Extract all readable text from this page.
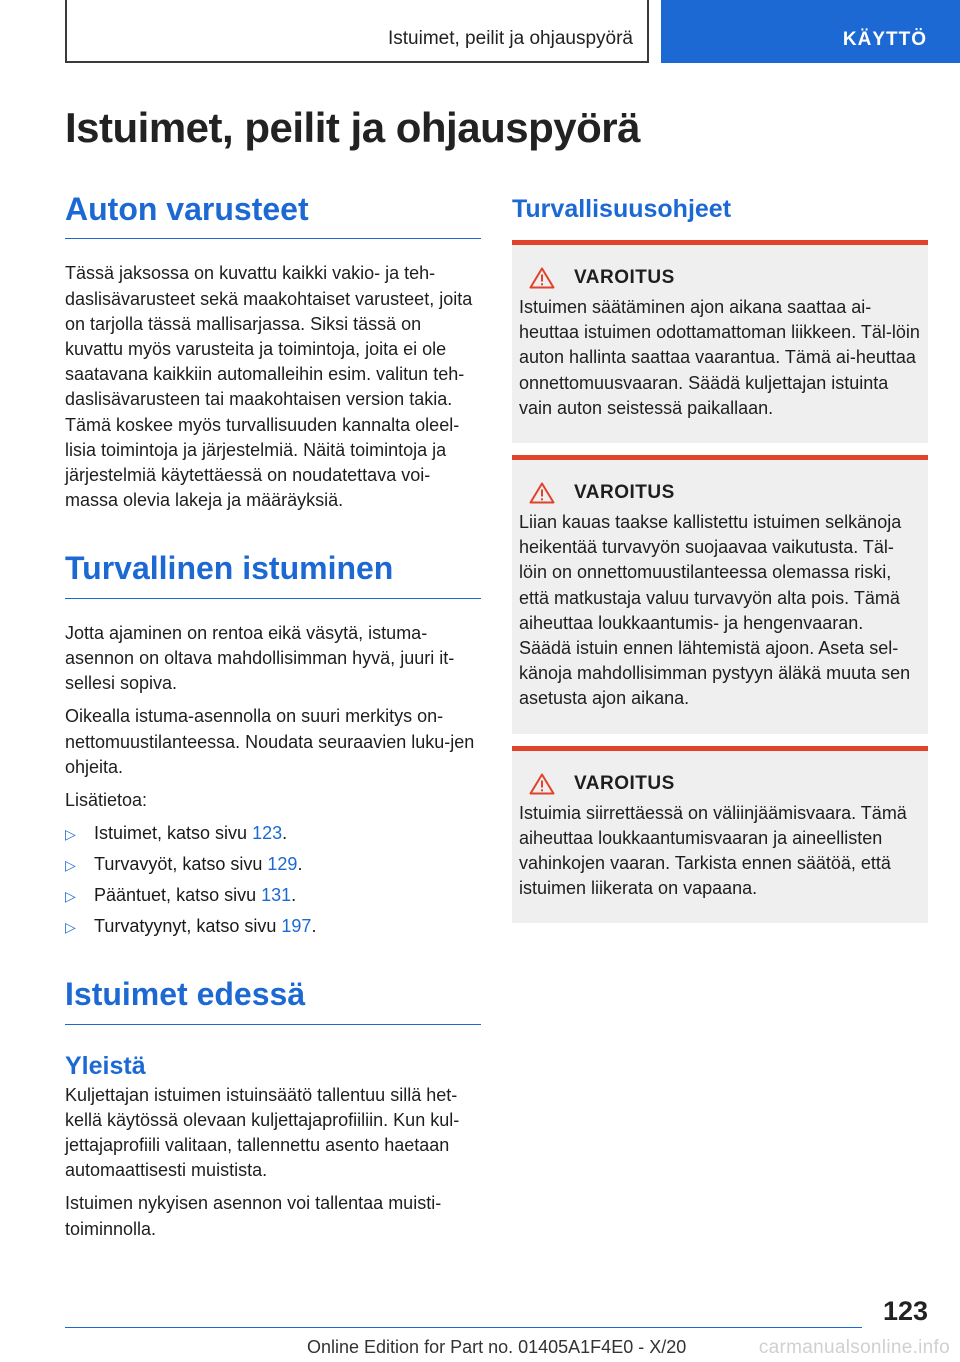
Istuimet, peilit ja ohjauspyörä	KÄYTTÖ
Istuimet, peilit ja ohjauspyörä
Auton varusteet

Tässä jaksossa on kuvattu kaikki vakio- ja teh-daslisävarusteet sekä maakohtaiset varusteet, joita on tarjolla tässä mallisarjassa. Siksi tässä on kuvattu myös varusteita ja toimintoja, joita ei ole saatavana kaikkiin automalleihin esim. valitun teh-daslisävarusteen tai maakohtaisen version takia. Tämä koskee myös turvallisuuden kannalta oleel-lisia toimintoja ja järjestelmiä. Näitä toimintoja ja järjestelmiä käytettäessä on noudatettava voi-massa olevia lakeja ja määräyksiä.

Turvallinen istuminen

Jotta ajaminen on rentoa eikä väsytä, istuma-asennon on oltava mahdollisimman hyvä, juuri it-sellesi sopiva.

Oikealla istuma-asennolla on suuri merkitys on-nettomuustilanteessa. Noudata seuraavien luku-jen ohjeita.

Lisätietoa:

▷ Istuimet, katso sivu 123.
▷ Turvavyöt, katso sivu 129.
▷ Pääntuet, katso sivu 131.
▷ Turvatyynyt, katso sivu 197.
Istuimet edessä
Yleistä

Kuljettajan istuimen istuinsäätö tallentuu sillä het-kellä käytössä olevaan kuljettajaprofiiliin. Kun kul-jettajaprofiili valitaan, tallennettu asento haetaan automaattisesti muistista.

Istuimen nykyisen asennon voi tallentaa muisti-toiminnolla.

Turvallisuusohjeet
VAROITUS

Istuimen säätäminen ajon aikana saattaa ai-heuttaa istuimen odottamattoman liikkeen. Täl-löin auton hallinta saattaa vaarantua. Tämä ai-heuttaa onnettomuusvaaran. Säädä kuljettajan istuinta vain auton seistessä paikallaan.

VAROITUS

Liian kauas taakse kallistettu istuimen selkänoja heikentää turvavyön suojaavaa vaikutusta. Täl-löin on onnettomuustilanteessa olemassa riski, että matkustaja valuu turvavyön alta pois. Tämä aiheuttaa loukkaantumis- ja hengenvaaran. Säädä istuin ennen lähtemistä ajoon. Aseta sel-känoja mahdollisimman pystyyn äläkä muuta sen asetusta ajon aikana.

VAROITUS

Istuimia siirrettäessä on väliinjäämisvaara. Tämä aiheuttaa loukkaantumisvaaran ja aineellisten vahinkojen vaaran. Tarkista ennen säätöä, että istuimen liikerata on vapaana.

123
Online Edition for Part no. 01405A1F4E0 - X/20	carmanualsonline.info
